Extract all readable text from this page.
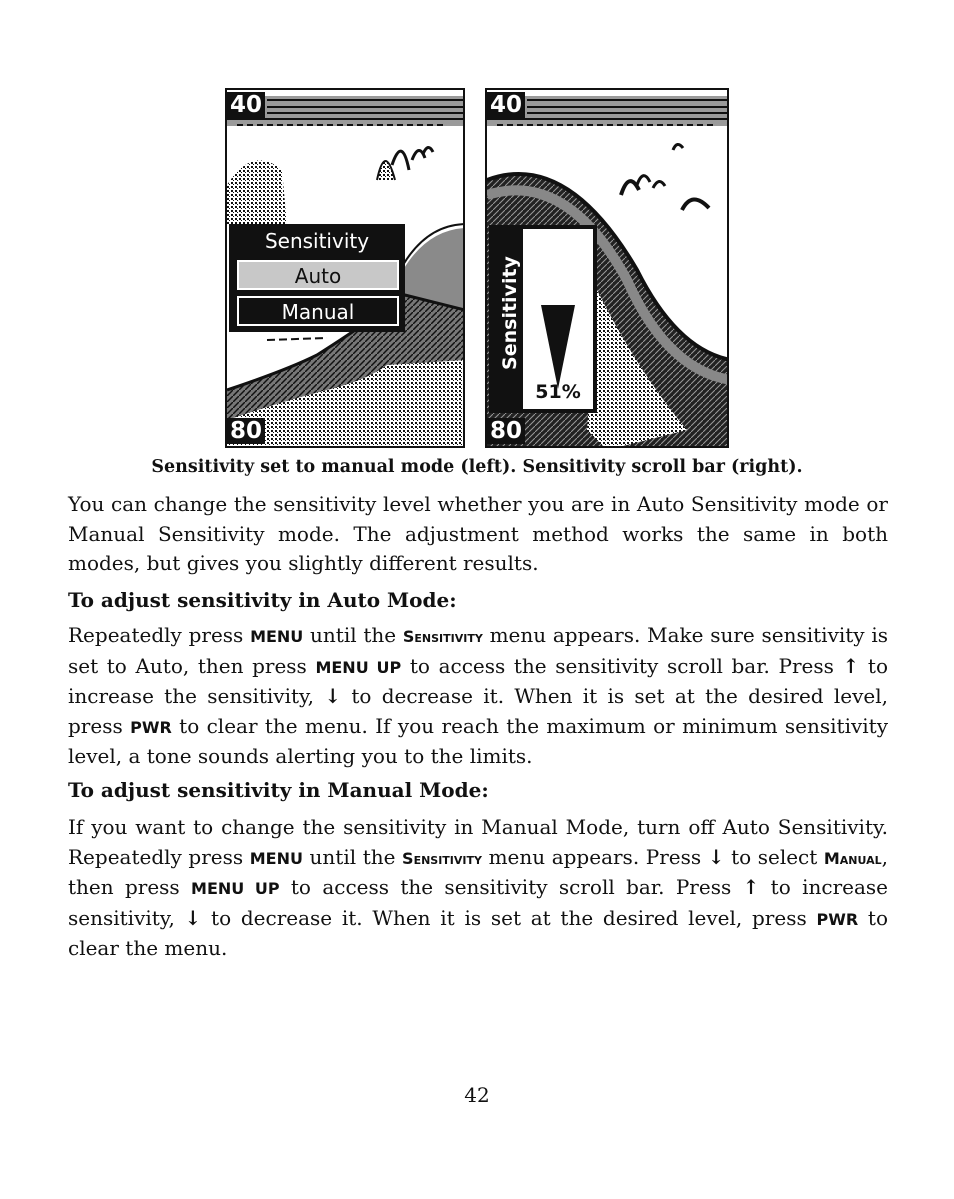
40
80
Sensitivity
Auto
Manual
40
80
Sensitivity
51%
Sensitivity set to manual mode (left). Sensitivity scroll bar (right).

You can change the sensitivity level whether you are in Auto Sensitivity mode or Manual Sensitivity mode. The adjustment method works the same in both modes, but gives you slightly different results.

To adjust sensitivity in Auto Mode:

Repeatedly press MENU until the Sensitivity menu appears. Make sure sensitivity is set to Auto, then press MENU UP to access the sensitivity scroll bar. Press ↑ to increase the sensitivity, ↓ to decrease it. When it is set at the desired level, press PWR to clear the menu. If you reach the maximum or minimum sensitivity level, a tone sounds alerting you to the limits.

To adjust sensitivity in Manual Mode:

If you want to change the sensitivity in Manual Mode, turn off Auto Sensitivity. Repeatedly press MENU until the Sensitivity menu appears. Press ↓ to select Manual, then press MENU UP to access the sensitivity scroll bar. Press ↑ to increase sensitivity, ↓ to decrease it. When it is set at the desired level, press PWR to clear the menu.

42
